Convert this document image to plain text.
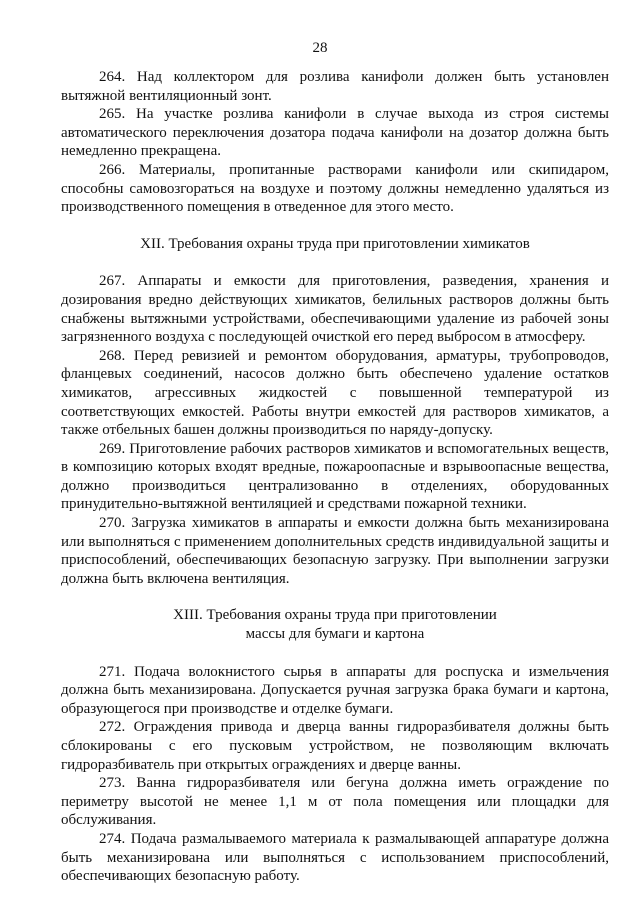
28

264. Над коллектором для розлива канифоли должен быть установлен вытяжной вентиляционный зонт.

265. На участке розлива канифоли в случае выхода из строя системы автоматического переключения дозатора подача канифоли на дозатор должна быть немедленно прекращена.

266. Материалы, пропитанные растворами канифоли или скипидаром, способны самовозгораться на воздухе и поэтому должны немедленно удаляться из производственного помещения в отведенное для этого место.

XII. Требования охраны труда при приготовлении химикатов

267. Аппараты и емкости для приготовления, разведения, хранения и дозирования вредно действующих химикатов, белильных растворов должны быть снабжены вытяжными устройствами, обеспечивающими удаление из рабочей зоны загрязненного воздуха с последующей очисткой его перед выбросом в атмосферу.

268. Перед ревизией и ремонтом оборудования, арматуры, трубопроводов, фланцевых соединений, насосов должно быть обеспечено удаление остатков химикатов, агрессивных жидкостей с повышенной температурой из соответствующих емкостей. Работы внутри емкостей для растворов химикатов, а также отбельных башен должны производиться по наряду-допуску.

269. Приготовление рабочих растворов химикатов и вспомогательных веществ, в композицию которых входят вредные, пожароопасные и взрывоопасные вещества, должно производиться централизованно в отделениях, оборудованных принудительно-вытяжной вентиляцией и средствами пожарной техники.

270. Загрузка химикатов в аппараты и емкости должна быть механизирована или выполняться с применением дополнительных средств индивидуальной защиты и приспособлений, обеспечивающих безопасную загрузку. При выполнении загрузки должна быть включена вентиляция.

XIII. Требования охраны труда при приготовлении
массы для бумаги и картона

271. Подача волокнистого сырья в аппараты для роспуска и измельчения должна быть механизирована. Допускается ручная загрузка брака бумаги и картона, образующегося при производстве и отделке бумаги.

272. Ограждения привода и дверца ванны гидроразбивателя должны быть сблокированы с его пусковым устройством, не позволяющим включать гидроразбиватель при открытых ограждениях и дверце ванны.

273. Ванна гидроразбивателя или бегуна должна иметь ограждение по периметру высотой не менее 1,1 м от пола помещения или площадки для обслуживания.

274. Подача размалываемого материала к размалывающей аппаратуре должна быть механизирована или выполняться с использованием приспособлений, обеспечивающих безопасную работу.
